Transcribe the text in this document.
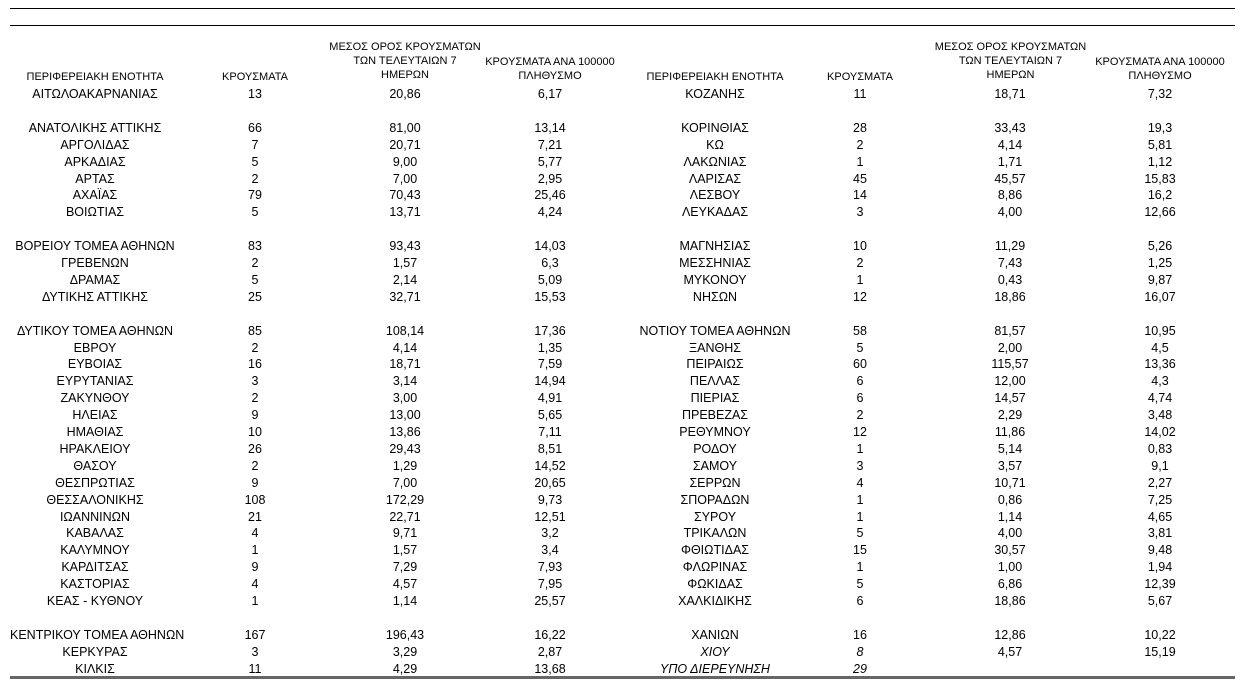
ΠΕΡΙΦΕΡΕΙΑΚΗ ΕΝΟΤΗΤΑ	ΚΡΟΥΣΜΑΤΑ
ΜΕΣΟΣ ΟΡΟΣ ΚΡΟΥΣΜΑΤΩΝ
ΤΩΝ ΤΕΛΕΥΤΑΙΩΝ 7
ΗΜΕΡΩΝ
ΚΡΟΥΣΜΑΤΑ ΑΝΑ 100000
ΠΛΗΘΥΣΜΟ
ΑΙΤΩΛΟΑΚΑΡΝΑΝΙΑΣ	13	20,86	6,17
ΑΝΑΤΟΛΙΚΗΣ ΑΤΤΙΚΗΣ	66	81,00	13,14
ΑΡΓΟΛΙΔΑΣ	7	20,71	7,21
ΑΡΚΑΔΙΑΣ	5	9,00	5,77
ΑΡΤΑΣ	2	7,00	2,95
ΑΧΑΪΑΣ	79	70,43	25,46
ΒΟΙΩΤΙΑΣ	5	13,71	4,24
ΒΟΡΕΙΟΥ ΤΟΜΕΑ ΑΘΗΝΩΝ	83	93,43	14,03
ΓΡΕΒΕΝΩΝ	2	1,57	6,3
ΔΡΑΜΑΣ	5	2,14	5,09
ΔΥΤΙΚΗΣ ΑΤΤΙΚΗΣ	25	32,71	15,53
ΔΥΤΙΚΟΥ ΤΟΜΕΑ ΑΘΗΝΩΝ	85	108,14	17,36
ΕΒΡΟΥ	2	4,14	1,35
ΕΥΒΟΙΑΣ	16	18,71	7,59
ΕΥΡΥΤΑΝΙΑΣ	3	3,14	14,94
ΖΑΚΥΝΘΟΥ	2	3,00	4,91
ΗΛΕΙΑΣ	9	13,00	5,65
ΗΜΑΘΙΑΣ	10	13,86	7,11
ΗΡΑΚΛΕΙΟΥ	26	29,43	8,51
ΘΑΣΟΥ	2	1,29	14,52
ΘΕΣΠΡΩΤΙΑΣ	9	7,00	20,65
ΘΕΣΣΑΛΟΝΙΚΗΣ	108	172,29	9,73
ΙΩΑΝΝΙΝΩΝ	21	22,71	12,51
ΚΑΒΑΛΑΣ	4	9,71	3,2
ΚΑΛΥΜΝΟΥ	1	1,57	3,4
ΚΑΡΔΙΤΣΑΣ	9	7,29	7,93
ΚΑΣΤΟΡΙΑΣ	4	4,57	7,95
ΚΕΑΣ - ΚΥΘΝΟΥ	1	1,14	25,57
ΚΕΝΤΡΙΚΟΥ ΤΟΜΕΑ ΑΘΗΝΩΝ	167	196,43	16,22
ΚΕΡΚΥΡΑΣ	3	3,29	2,87
ΚΙΛΚΙΣ	11	4,29	13,68
ΠΕΡΙΦΕΡΕΙΑΚΗ ΕΝΟΤΗΤΑ	ΚΡΟΥΣΜΑΤΑ
ΜΕΣΟΣ ΟΡΟΣ ΚΡΟΥΣΜΑΤΩΝ
ΤΩΝ ΤΕΛΕΥΤΑΙΩΝ 7
ΗΜΕΡΩΝ
ΚΡΟΥΣΜΑΤΑ ΑΝΑ 100000
ΠΛΗΘΥΣΜΟ
ΚΟΖΑΝΗΣ	11	18,71	7,32
ΚΟΡΙΝΘΙΑΣ	28	33,43	19,3
ΚΩ	2	4,14	5,81
ΛΑΚΩΝΙΑΣ	1	1,71	1,12
ΛΑΡΙΣΑΣ	45	45,57	15,83
ΛΕΣΒΟΥ	14	8,86	16,2
ΛΕΥΚΑΔΑΣ	3	4,00	12,66
ΜΑΓΝΗΣΙΑΣ	10	11,29	5,26
ΜΕΣΣΗΝΙΑΣ	2	7,43	1,25
ΜΥΚΟΝΟΥ	1	0,43	9,87
ΝΗΣΩΝ	12	18,86	16,07
ΝΟΤΙΟΥ ΤΟΜΕΑ ΑΘΗΝΩΝ	58	81,57	10,95
ΞΑΝΘΗΣ	5	2,00	4,5
ΠΕΙΡΑΙΩΣ	60	115,57	13,36
ΠΕΛΛΑΣ	6	12,00	4,3
ΠΙΕΡΙΑΣ	6	14,57	4,74
ΠΡΕΒΕΖΑΣ	2	2,29	3,48
ΡΕΘΥΜΝΟΥ	12	11,86	14,02
ΡΟΔΟΥ	1	5,14	0,83
ΣΑΜΟΥ	3	3,57	9,1
ΣΕΡΡΩΝ	4	10,71	2,27
ΣΠΟΡΑΔΩΝ	1	0,86	7,25
ΣΥΡΟΥ	1	1,14	4,65
ΤΡΙΚΑΛΩΝ	5	4,00	3,81
ΦΘΙΩΤΙΔΑΣ	15	30,57	9,48
ΦΛΩΡΙΝΑΣ	1	1,00	1,94
ΦΩΚΙΔΑΣ	5	6,86	12,39
ΧΑΛΚΙΔΙΚΗΣ	6	18,86	5,67
ΧΑΝΙΩΝ	16	12,86	10,22
ΧΙΟΥ	8	4,57	15,19
ΥΠΟ ΔΙΕΡΕΥΝΗΣΗ	29
